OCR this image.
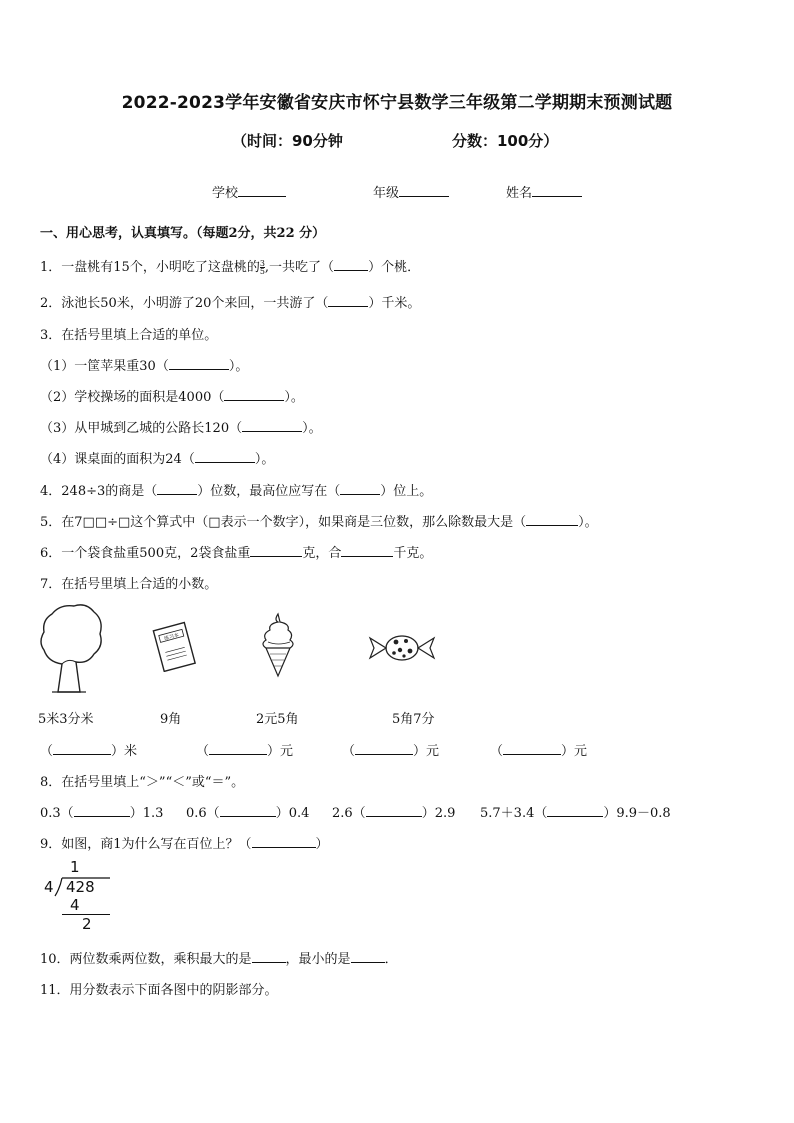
2022-2023学年安徽省安庆市怀宁县数学三年级第二学期期末预测试题
（时间：90分钟	分数：100分）
学校	年级	姓名
一、用心思考，认真填写。（每题2分，共22 分）
1．一盘桃有15个，小明吃了这盘桃的 $\frac{3}{5}$ ,一共吃了（	）个桃．
2．泳池长50米，小明游了20个来回，一共游了（	）千米。
3．在括号里填上合适的单位。
（1）一筐苹果重30（	）。
（2）学校操场的面积是4000（	）。
（3）从甲城到乙城的公路长120（	）。
（4）课桌面的面积为24（	）。
4．248÷3的商是（	）位数，最高位应写在（	）位上。
5．在7□□÷□这个算式中（□表示一个数字），如果商是三位数，那么除数最大是（	）。
6．一个袋食盐重500克，2袋食盐重	克，合	千克。
7．在括号里填上合适的小数。
练习本
5米3分米	9角	2元5角	5角7分
（	）米	（	）元	（	）元	（	）元
8．在括号里填上“＞”“＜”或“＝”。
0.3（	）1.3 0.6（	）0.4 2.6（	）2.9 5.7＋3.4（	）9.9－0.8
9．如图，商1为什么写在百位上？（	）
1
4 428
4
2
10．两位数乘两位数，乘积最大的是	，最小的是	．
11．用分数表示下面各图中的阴影部分。
